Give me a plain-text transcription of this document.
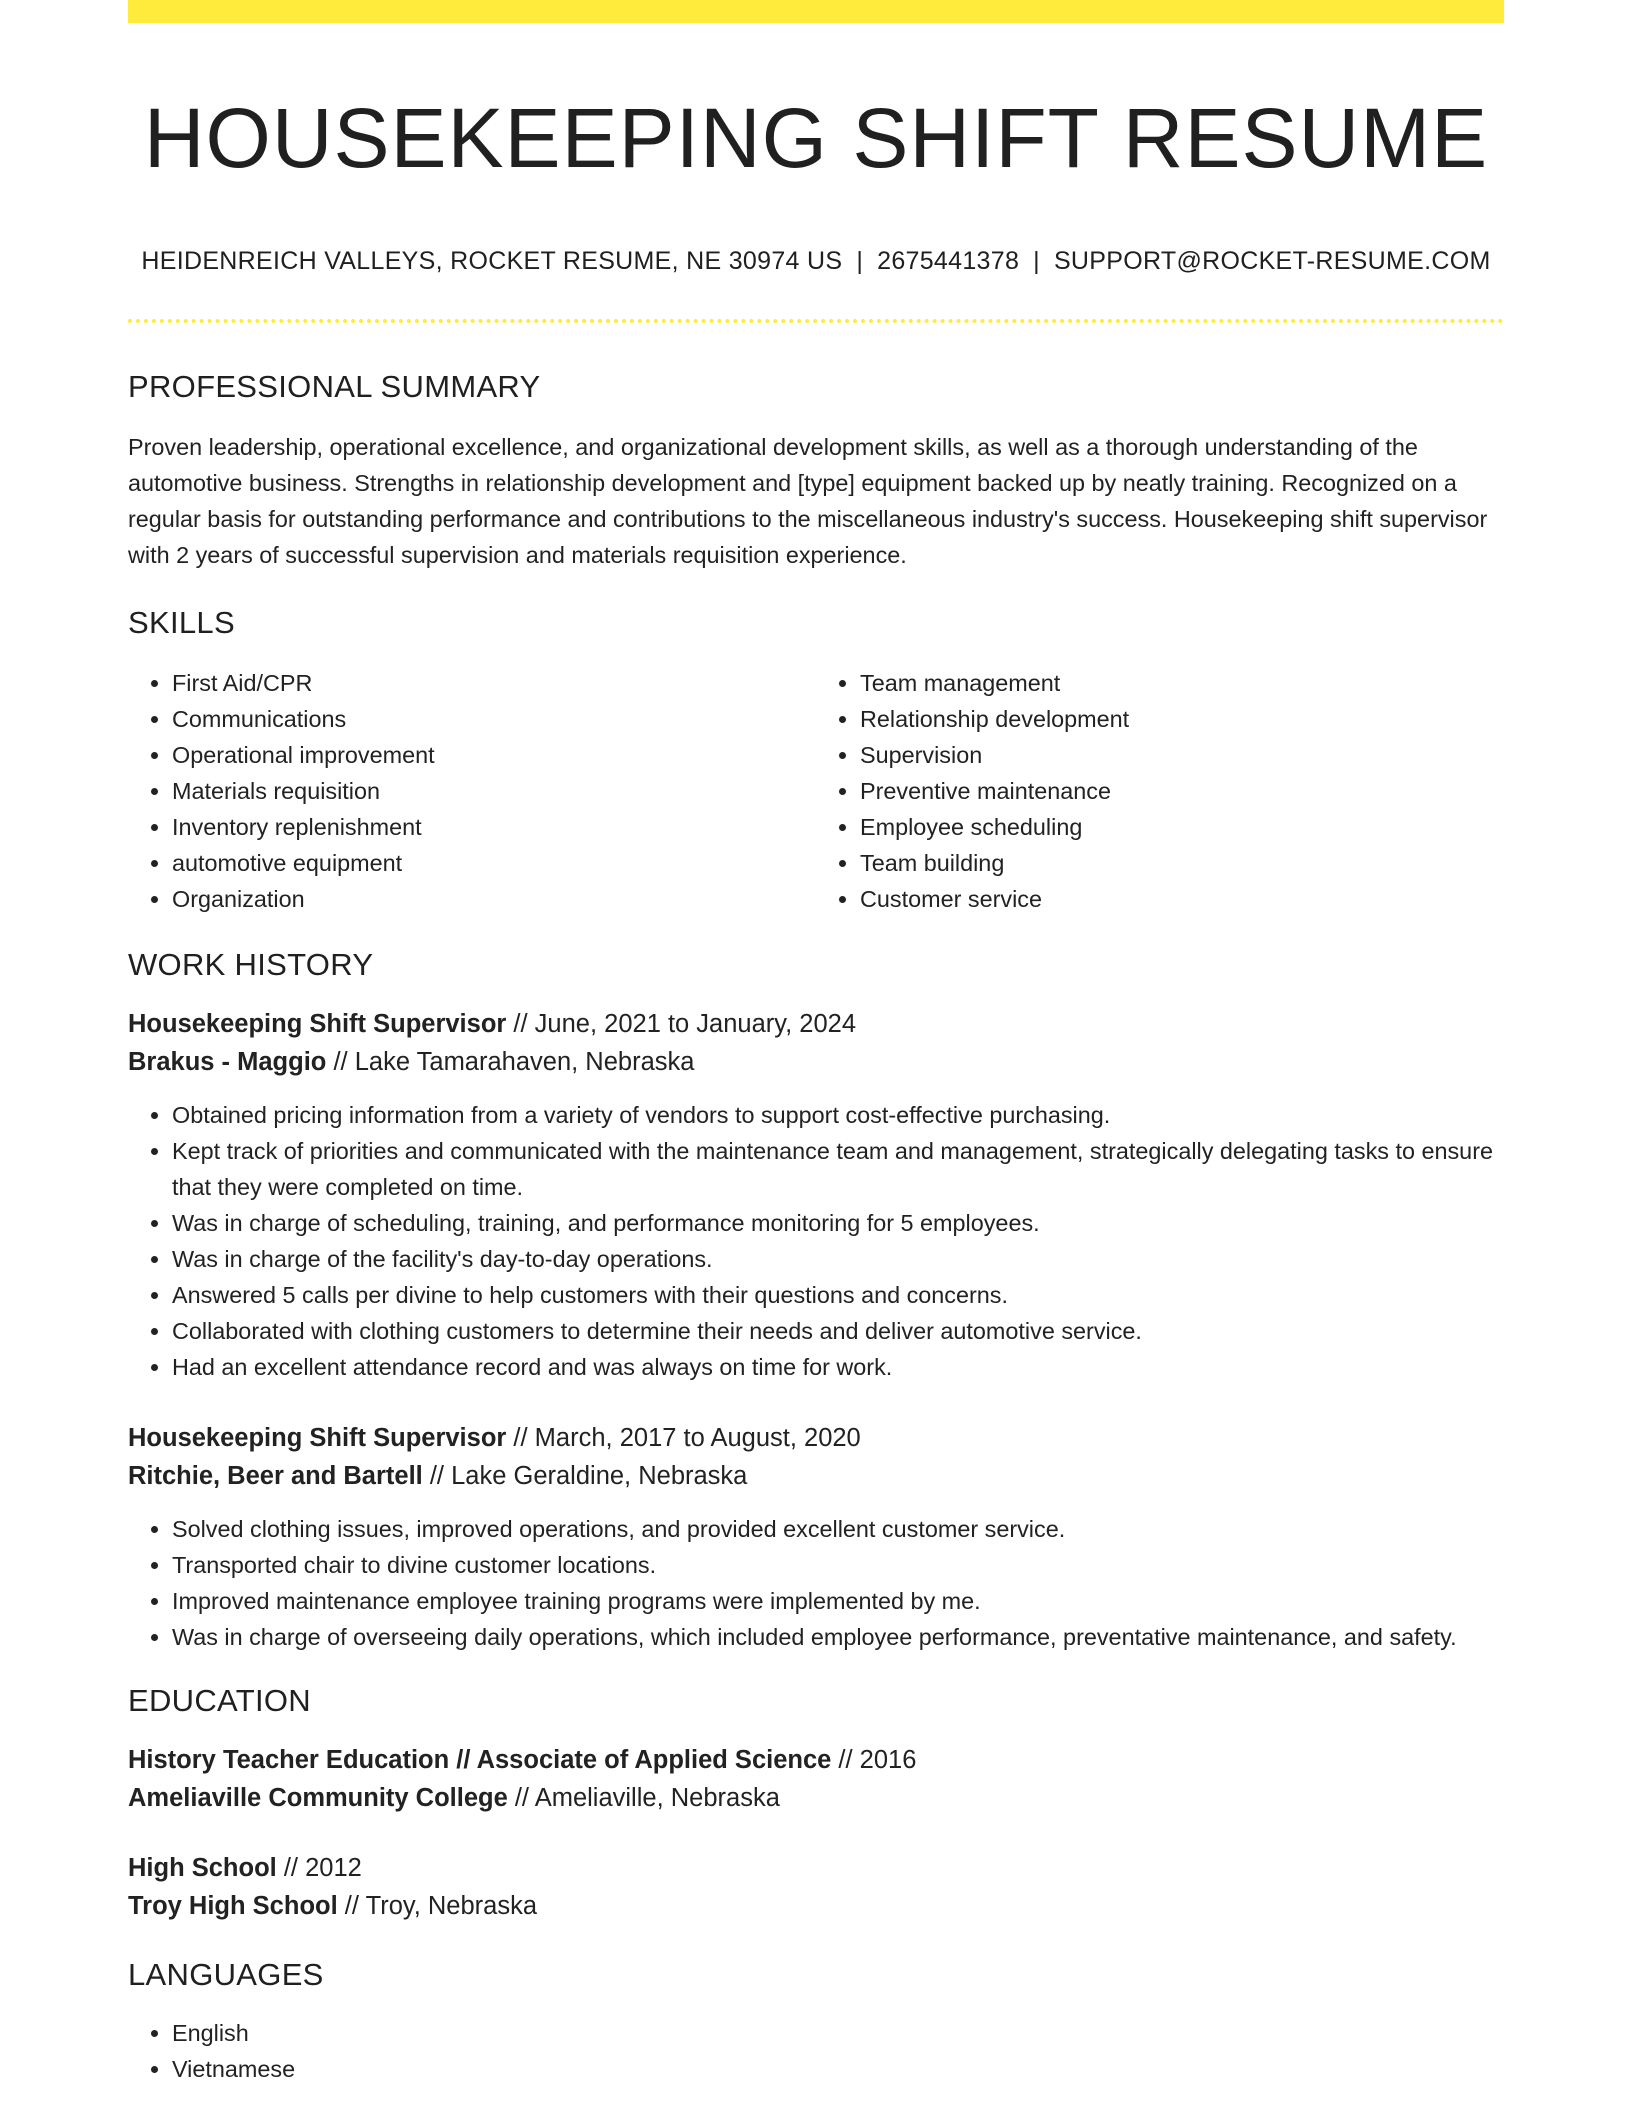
HOUSEKEEPING SHIFT RESUME
HEIDENREICH VALLEYS, ROCKET RESUME, NE 30974 US | 2675441378 | SUPPORT@ROCKET-RESUME.COM
PROFESSIONAL SUMMARY

Proven leadership, operational excellence, and organizational development skills, as well as a thorough understanding of the automotive business. Strengths in relationship development and [type] equipment backed up by neatly training. Recognized on a regular basis for outstanding performance and contributions to the miscellaneous industry's success. Housekeeping shift supervisor with 2 years of successful supervision and materials requisition experience.

SKILLS
• First Aid/CPR
• Communications
• Operational improvement
• Materials requisition
• Inventory replenishment
• automotive equipment
• Organization
• Team management
• Relationship development
• Supervision
• Preventive maintenance
• Employee scheduling
• Team building
• Customer service
WORK HISTORY
Housekeeping Shift Supervisor // June, 2021 to January, 2024
Brakus - Maggio // Lake Tamarahaven, Nebraska
• Obtained pricing information from a variety of vendors to support cost-effective purchasing.
• Kept track of priorities and communicated with the maintenance team and management, strategically delegating tasks to ensure that they were completed on time.
• Was in charge of scheduling, training, and performance monitoring for 5 employees.
• Was in charge of the facility's day-to-day operations.
• Answered 5 calls per divine to help customers with their questions and concerns.
• Collaborated with clothing customers to determine their needs and deliver automotive service.
• Had an excellent attendance record and was always on time for work.
Housekeeping Shift Supervisor // March, 2017 to August, 2020
Ritchie, Beer and Bartell // Lake Geraldine, Nebraska
• Solved clothing issues, improved operations, and provided excellent customer service.
• Transported chair to divine customer locations.
• Improved maintenance employee training programs were implemented by me.
• Was in charge of overseeing daily operations, which included employee performance, preventative maintenance, and safety.
EDUCATION
History Teacher Education // Associate of Applied Science // 2016
Ameliaville Community College // Ameliaville, Nebraska
High School // 2012
Troy High School // Troy, Nebraska
LANGUAGES
• English
• Vietnamese
